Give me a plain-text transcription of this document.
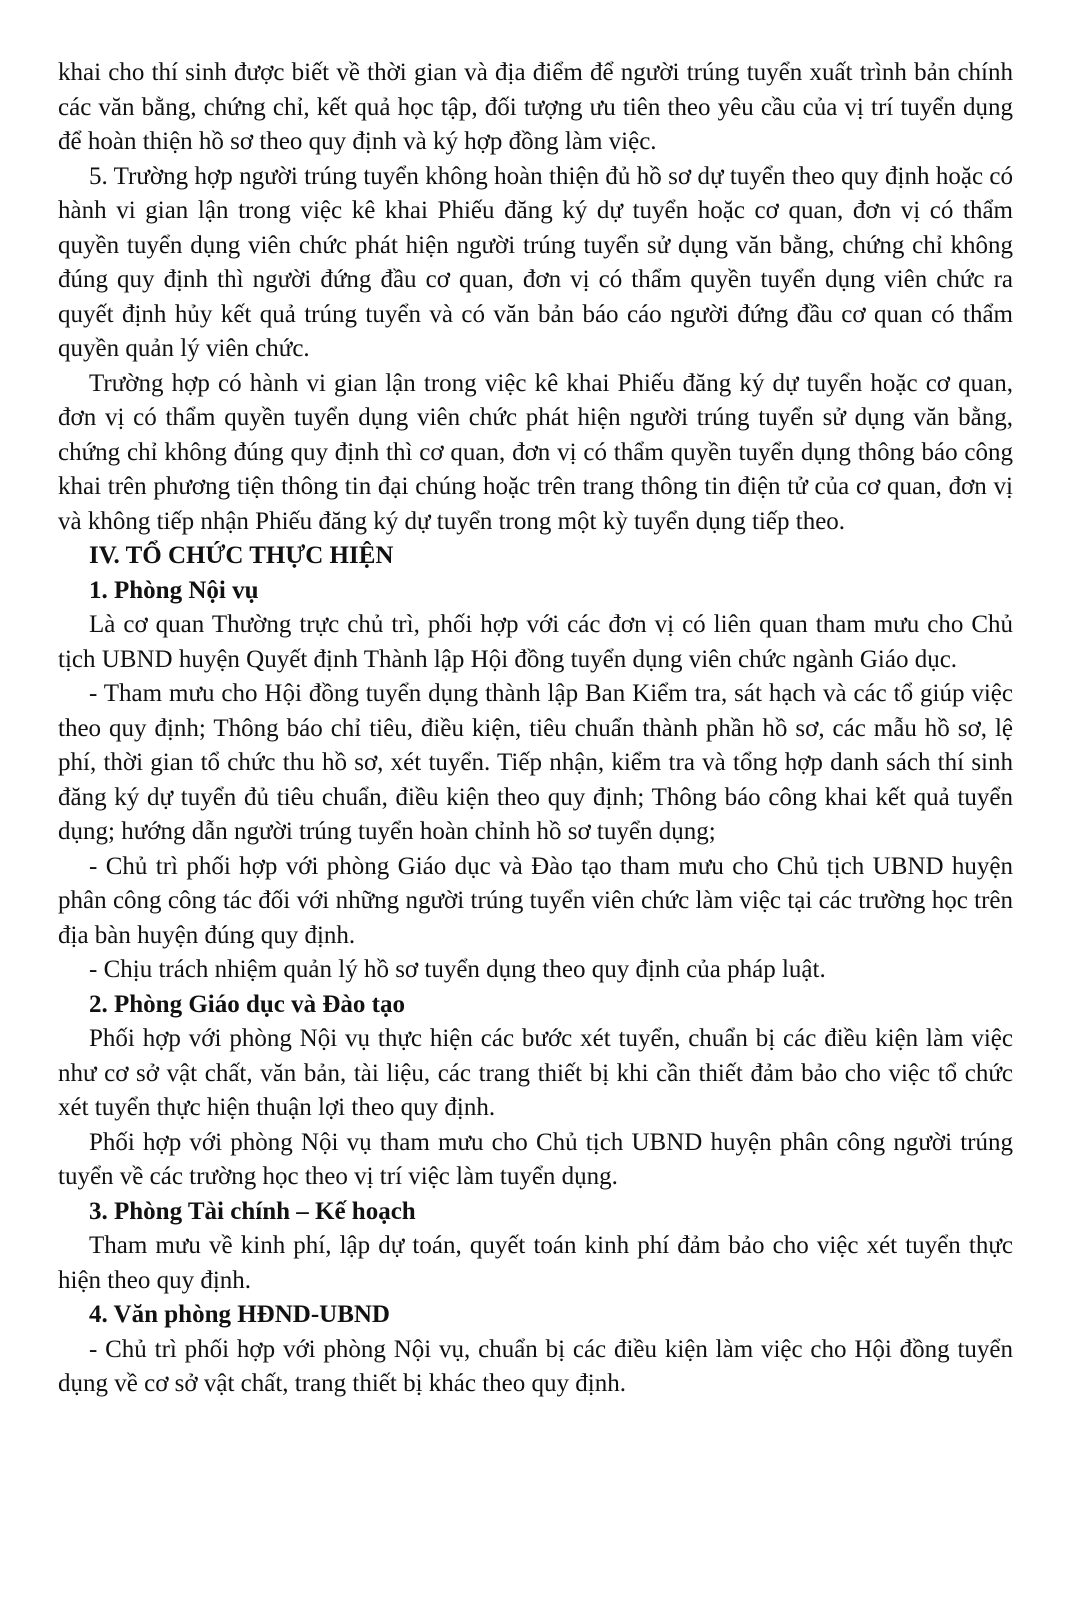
khai cho thí sinh được biết về thời gian và địa điểm để người trúng tuyển xuất trình bản chính các văn bằng, chứng chỉ, kết quả học tập, đối tượng ưu tiên theo yêu cầu của vị trí tuyển dụng để hoàn thiện hồ sơ theo quy định và ký hợp đồng làm việc.

5. Trường hợp người trúng tuyển không hoàn thiện đủ hồ sơ dự tuyển theo quy định hoặc có hành vi gian lận trong việc kê khai Phiếu đăng ký dự tuyển hoặc cơ quan, đơn vị có thẩm quyền tuyển dụng viên chức phát hiện người trúng tuyển sử dụng văn bằng, chứng chỉ không đúng quy định thì người đứng đầu cơ quan, đơn vị có thẩm quyền tuyển dụng viên chức ra quyết định hủy kết quả trúng tuyển và có văn bản báo cáo người đứng đầu cơ quan có thẩm quyền quản lý viên chức.

Trường hợp có hành vi gian lận trong việc kê khai Phiếu đăng ký dự tuyển hoặc cơ quan, đơn vị có thẩm quyền tuyển dụng viên chức phát hiện người trúng tuyển sử dụng văn bằng, chứng chỉ không đúng quy định thì cơ quan, đơn vị có thẩm quyền tuyển dụng thông báo công khai trên phương tiện thông tin đại chúng hoặc trên trang thông tin điện tử của cơ quan, đơn vị và không tiếp nhận Phiếu đăng ký dự tuyển trong một kỳ tuyển dụng tiếp theo.

IV. TỔ CHỨC THỰC HIỆN

1. Phòng Nội vụ

Là cơ quan Thường trực chủ trì, phối hợp với các đơn vị có liên quan tham mưu cho Chủ tịch UBND huyện Quyết định Thành lập Hội đồng tuyển dụng viên chức ngành Giáo dục.

- Tham mưu cho Hội đồng tuyển dụng thành lập Ban Kiểm tra, sát hạch và các tổ giúp việc theo quy định; Thông báo chỉ tiêu, điều kiện, tiêu chuẩn thành phần hồ sơ, các mẫu hồ sơ, lệ phí, thời gian tổ chức thu hồ sơ, xét tuyển. Tiếp nhận, kiểm tra và tổng hợp danh sách thí sinh đăng ký dự tuyển đủ tiêu chuẩn, điều kiện theo quy định; Thông báo công khai kết quả tuyển dụng; hướng dẫn người trúng tuyển hoàn chỉnh hồ sơ tuyển dụng;

- Chủ trì phối hợp với phòng Giáo dục và Đào tạo tham mưu cho Chủ tịch UBND huyện phân công công tác đối với những người trúng tuyển viên chức làm việc tại các trường học trên địa bàn huyện đúng quy định.

- Chịu trách nhiệm quản lý hồ sơ tuyển dụng theo quy định của pháp luật.

2. Phòng Giáo dục và Đào tạo

Phối hợp với phòng Nội vụ thực hiện các bước xét tuyển, chuẩn bị các điều kiện làm việc như cơ sở vật chất, văn bản, tài liệu, các trang thiết bị khi cần thiết đảm bảo cho việc tổ chức xét tuyển thực hiện thuận lợi theo quy định.

Phối hợp với phòng Nội vụ tham mưu cho Chủ tịch UBND huyện phân công người trúng tuyển về các trường học theo vị trí việc làm tuyển dụng.

3. Phòng Tài chính – Kế hoạch

Tham mưu về kinh phí, lập dự toán, quyết toán kinh phí đảm bảo cho việc xét tuyển thực hiện theo quy định.

4. Văn phòng HĐND-UBND

- Chủ trì phối hợp với phòng Nội vụ, chuẩn bị các điều kiện làm việc cho Hội đồng tuyển dụng về cơ sở vật chất, trang thiết bị khác theo quy định.
